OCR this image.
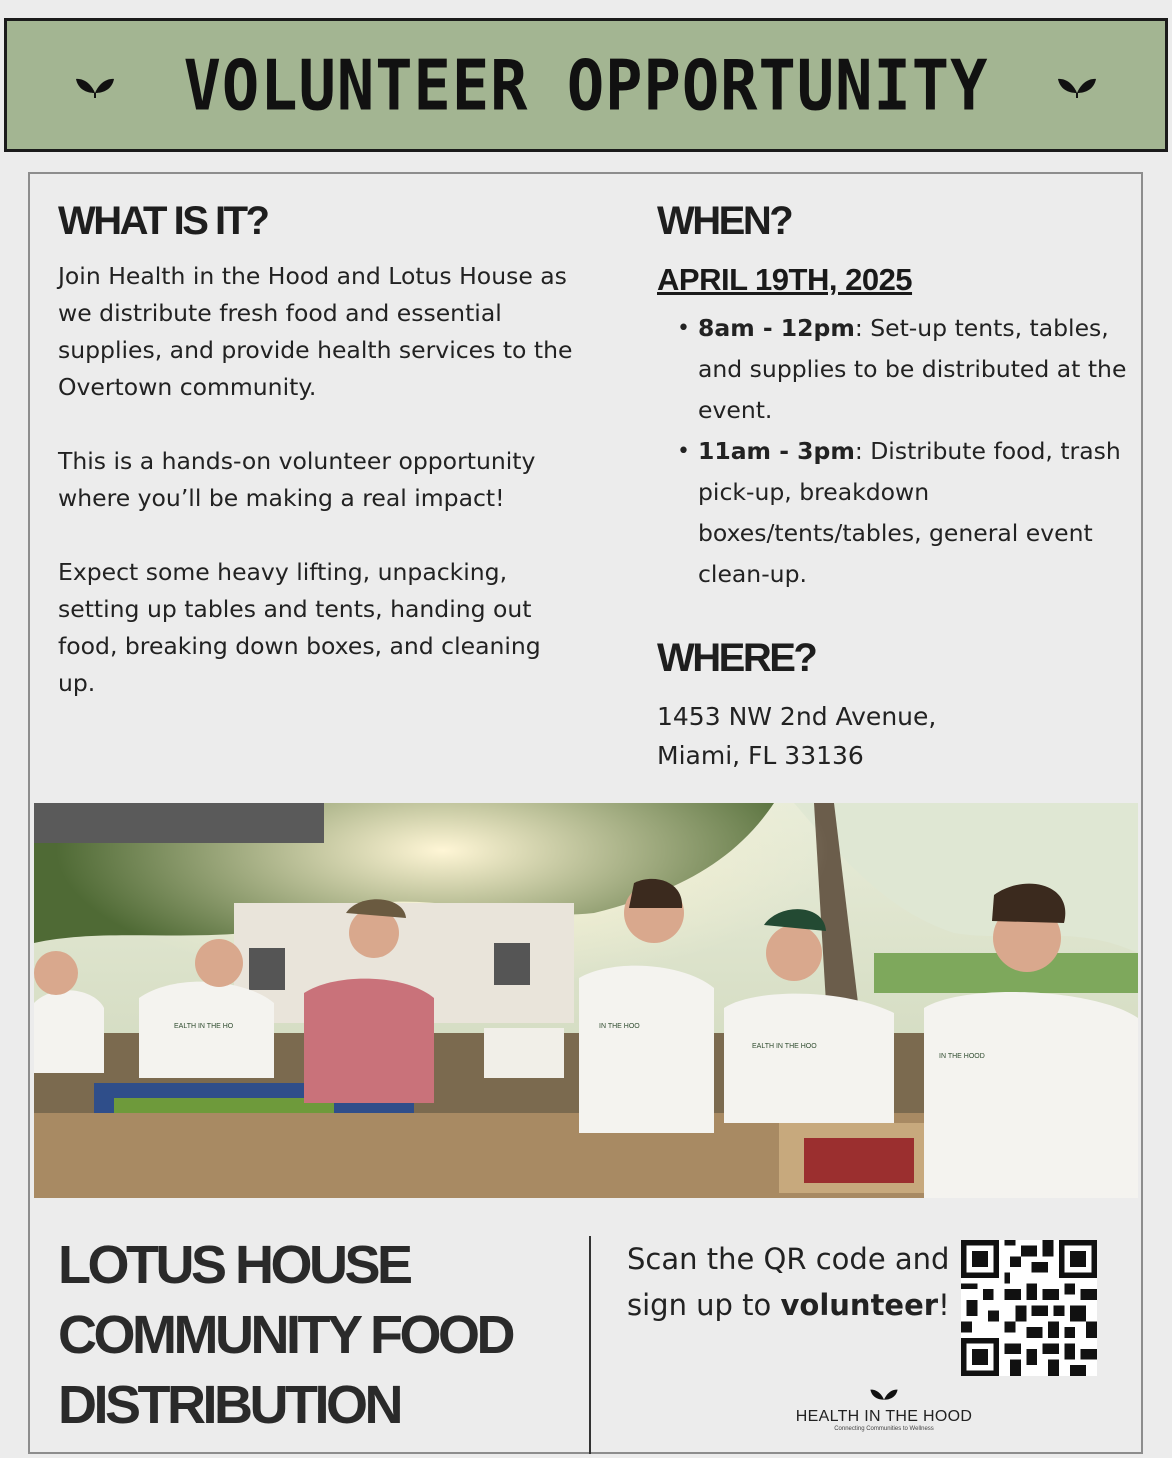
VOLUNTEER OPPORTUNITY
WHAT IS IT?

Join Health in the Hood and Lotus House as we distribute fresh food and essential supplies, and provide health services to the Overtown community.

This is a hands-on volunteer opportunity where you’ll be making a real impact!

Expect some heavy lifting, unpacking, setting up tables and tents, handing out food, breaking down boxes, and cleaning up.

WHEN?

APRIL 19TH, 2025

• 8am - 12pm: Set-up tents, tables, and supplies to be distributed at the event.
• 11am - 3pm: Distribute food, trash pick-up, breakdown boxes/tents/tables, general event clean-up.
WHERE?

1453 NW 2nd Avenue,
Miami, FL 33136

EALTH IN THE HO	IN THE HOO
EALTH IN THE HOO
IN THE HOOD
LOTUS HOUSE
COMMUNITY FOOD
DISTRIBUTION
Scan the QR code and sign up to volunteer!
HEALTH IN THE HOOD
Connecting Communities to Wellness
